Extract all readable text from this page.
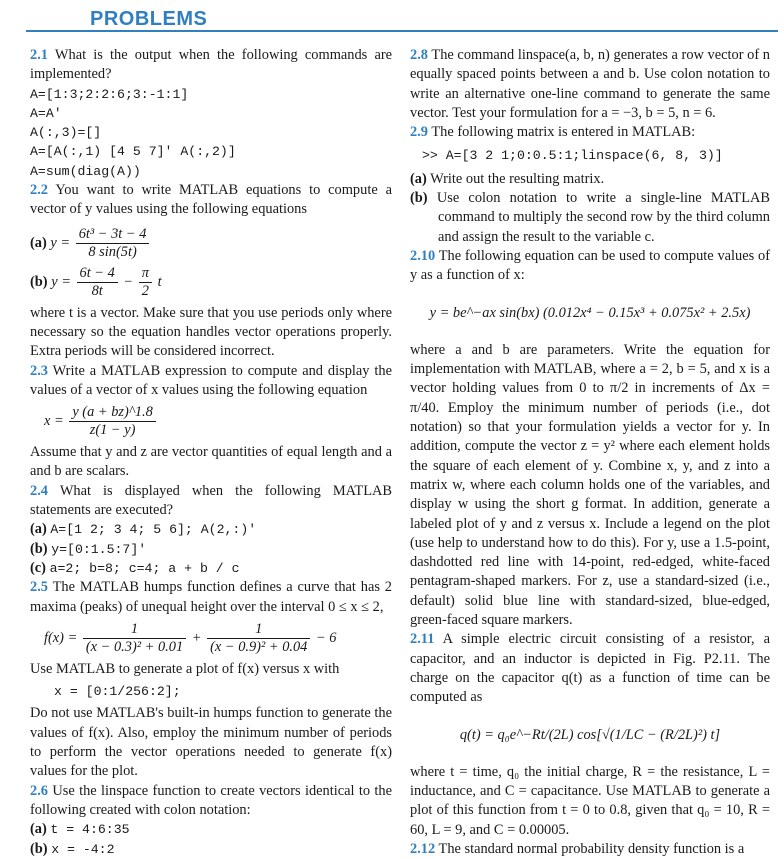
PROBLEMS

2.1 What is the output when the following commands are implemented?

A=[1:3;2:2:6;3:-1:1]

A=A'

A(:,3)=[]

A=[A(:,1) [4 5 7]' A(:,2)]

A=sum(diag(A))

2.2 You want to write MATLAB equations to compute a vector of y values using the following equations

(a) $y = \frac{\text{6t³ − 3t − 4}}{8 \sin(5t)}$
(b) $y = \frac{6t - 4}{8t} - \frac{\pi}{2}$ t

where t is a vector. Make sure that you use periods only where necessary so the equation handles vector operations properly. Extra periods will be considered incorrect.

2.3 Write a MATLAB expression to compute and display the values of a vector of x values using the following equation

$x = \frac{y (a + bz)\^{}1.8}{z(1 - y)}$

Assume that y and z are vector quantities of equal length and a and b are scalars.

2.4 What is displayed when the following MATLAB statements are executed?

(a) A=[1 2; 3 4; 5 6]; A(2,:)'

(b) y=[0:1.5:7]'

(c) a=2; b=8; c=4; a + b / c

2.5 The MATLAB humps function defines a curve that has 2 maxima (peaks) of unequal height over the interval 0 ≤ x ≤ 2,

$f(x) = \frac{1}{\text{(x − 0.3)² + 0.01}} + \frac{1}{\text{(x − 0.9)² + 0.04}} - 6$

Use MATLAB to generate a plot of f(x) versus x with

x = [0:1/256:2];

Do not use MATLAB's built-in humps function to generate the values of f(x). Also, employ the minimum number of periods to perform the vector operations needed to generate f(x) values for the plot.

2.6 Use the linspace function to create vectors identical to the following created with colon notation:

(a) t = 4:6:35

(b) x = -4:2

2.8 The command linspace(a, b, n) generates a row vector of n equally spaced points between a and b. Use colon notation to write an alternative one-line command to generate the same vector. Test your formulation for a = −3, b = 5, n = 6.

2.9 The following matrix is entered in MATLAB:

>> A=[3 2 1;0:0.5:1;linspace(6, 8, 3)]

(a) Write out the resulting matrix.

(b) Use colon notation to write a single-line MATLAB command to multiply the second row by the third column and assign the result to the variable c.

2.10 The following equation can be used to compute values of y as a function of x:

y = be^−ax sin(bx) (0.012x⁴ − 0.15x³ + 0.075x² + 2.5x)

where a and b are parameters. Write the equation for implementation with MATLAB, where a = 2, b = 5, and x is a vector holding values from 0 to π/2 in increments of Δx = π/40. Employ the minimum number of periods (i.e., dot notation) so that your formulation yields a vector for y. In addition, compute the vector z = y² where each element holds the square of each element of y. Combine x, y, and z into a matrix w, where each column holds one of the variables, and display w using the short g format. In addition, generate a labeled plot of y and z versus x. Include a legend on the plot (use help to understand how to do this). For y, use a 1.5-point, dashdotted red line with 14-point, red-edged, white-faced pentagram-shaped markers. For z, use a standard-sized (i.e., default) solid blue line with standard-sized, blue-edged, green-faced square markers.

2.11 A simple electric circuit consisting of a resistor, a capacitor, and an inductor is depicted in Fig. P2.11. The charge on the capacitor q(t) as a function of time can be computed as

q(t) = q₀e^−Rt/(2L) cos[√(1/LC − (R/2L)²) t]

where t = time, q₀ the initial charge, R = the resistance, L = inductance, and C = capacitance. Use MATLAB to generate a plot of this function from t = 0 to 0.8, given that q₀ = 10, R = 60, L = 9, and C = 0.00005.

2.12 The standard normal probability density function is a
